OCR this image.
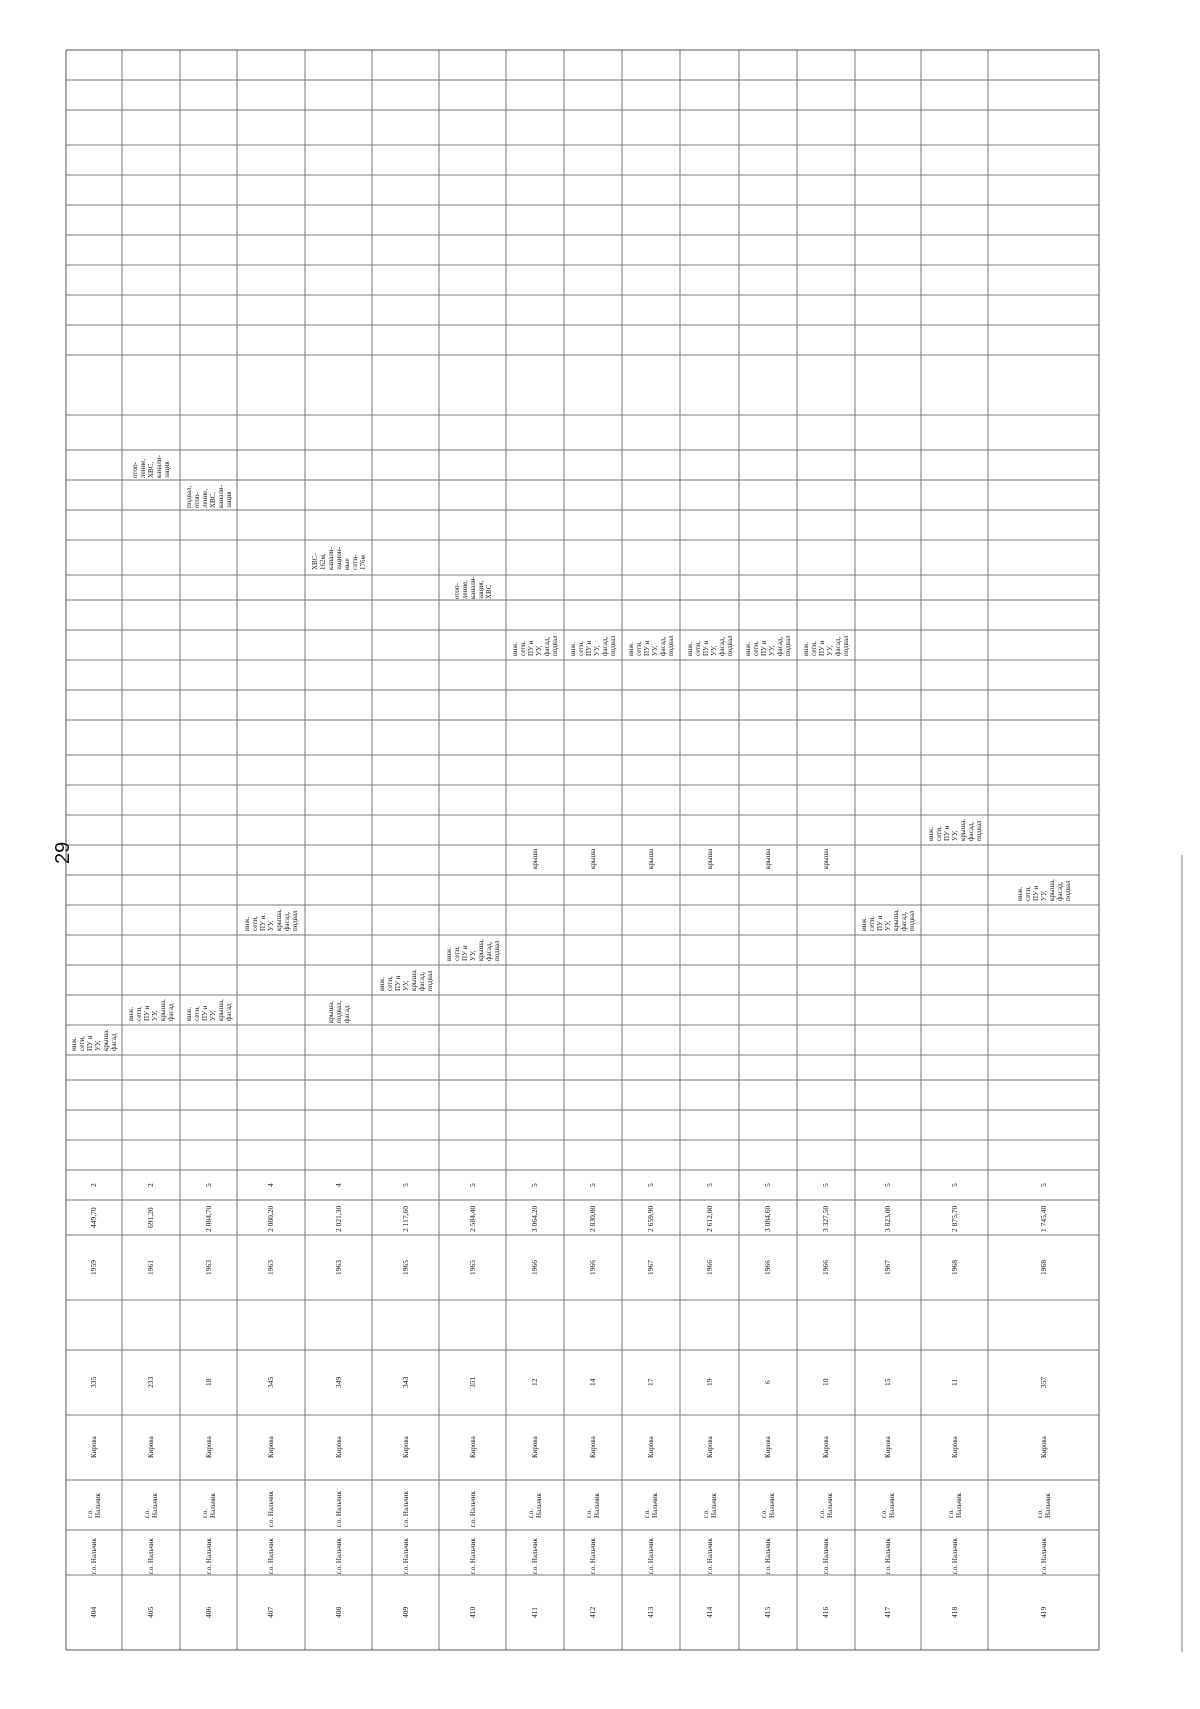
404
г.о. Нальчик
г.о.
Нальчик
Кирова
335
1959
449,70
2
инж.
сети,
ПУ и
УУ,
крыша,
фасад
405
г.о. Нальчик
г.о.
Нальчик
Кирова
233
1961
691,20
2
отоп-
ление,
ХВС,
канали-
зация
инж.
сети,
ПУ и
УУ,
крыша,
фасад
406
г.о. Нальчик
г.о.
Нальчик
Кирова
18
1963
2 084,70
5
подвал,
отоп-
ление,
ХВС,
канали-
зация
инж.
сети,
ПУ и
УУ,
крыша,
фасад
407
г.о. Нальчик
г.о. Нальчик
Кирова
345
1963
2 080,20
4
инж.
сети,
ПУ и
УУ,
крыша,
фасад,
подвал
408
г.о. Нальчик
г.о. Нальчик
Кирова
349
1963
2 021,30
4
ХВС-
162м,
канали-
зацион-
ные
сети-
176м
крыша,
подвал,
фасад
409
г.о. Нальчик
г.о. Нальчик
Кирова
343
1965
2 117,60
5
инж.
сети,
ПУ и
УУ,
крыша,
фасад,
подвал
410
г.о. Нальчик
г.о. Нальчик
Кирова
351
1965
2 584,40
5
отоп-
ление,
канали-
зация,
ХВС
инж.
сети,
ПУ и
УУ,
крыша,
фасад,
подвал
411
г.о. Нальчик
г.о.
Нальчик
Кирова
12
1966
3 064,20
5
инж.
сети,
ПУ и
УУ,
фасад,
подвал
крыша
412
г.о. Нальчик
г.о.
Нальчик
Кирова
14
1966
2 830,80
5
инж.
сети,
ПУ и
УУ,
фасад,
подвал
крыша
413
г.о. Нальчик
г.о.
Нальчик
Кирова
17
1967
2 659,90
5
инж.
сети,
ПУ и
УУ,
фасад,
подвал
крыша
414
г.о. Нальчик
г.о.
Нальчик
Кирова
19
1966
2 612,00
5
инж.
сети,
ПУ и
УУ,
фасад,
подвал
крыша
415
г.о. Нальчик
г.о.
Нальчик
Кирова
6
1966
3 084,60
5
инж.
сети,
ПУ и
УУ,
фасад,
подвал
крыша
416
г.о. Нальчик
г.о.
Нальчик
Кирова
10
1966
3 327,50
5
инж.
сети,
ПУ и
УУ,
фасад,
подвал
крыша
417
г.о. Нальчик
г.о.
Нальчик
Кирова
15
1967
3 823,00
5
инж.
сети,
ПУ и
УУ,
крыша,
фасад,
подвал
418
г.о. Нальчик
г.о.
Нальчик
Кирова
11
1968
2 875,70
5
инж.
сети,
ПУ и
УУ,
крыша,
фасад,
подвал
419
г.о. Нальчик
г.о.
Нальчик
Кирова
357
1968
1 745,40
5
инж.
сети,
ПУ и
УУ,
крыша,
фасад,
подвал
29
